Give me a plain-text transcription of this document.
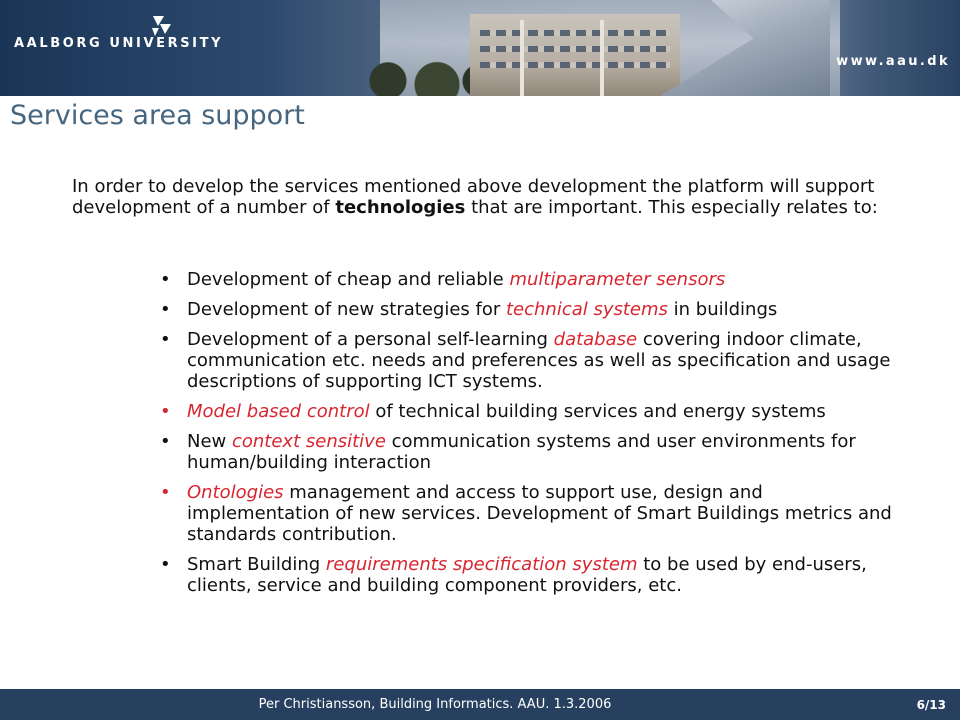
AALBORG UNIVERSITY
www.aau.dk
Services area support
In order to develop the services mentioned above development the platform will support development of a number of technologies that are important. This especially relates to:
• Development of cheap and reliable multiparameter sensors
• Development of new strategies for technical systems in buildings
• Development of a personal self-learning database covering indoor climate, communication etc. needs and preferences as well as specification and usage descriptions of supporting ICT systems.
• Model based control of technical building services and energy systems
• New context sensitive communication systems and user environments for human/building interaction
• Ontologies management and access to support use, design and implementation of new services. Development of Smart Buildings metrics and standards contribution.
• Smart Building requirements specification system to be used by end-users, clients, service and building component providers, etc.
Per Christiansson, Building Informatics. AAU. 1.3.2006	6/13
